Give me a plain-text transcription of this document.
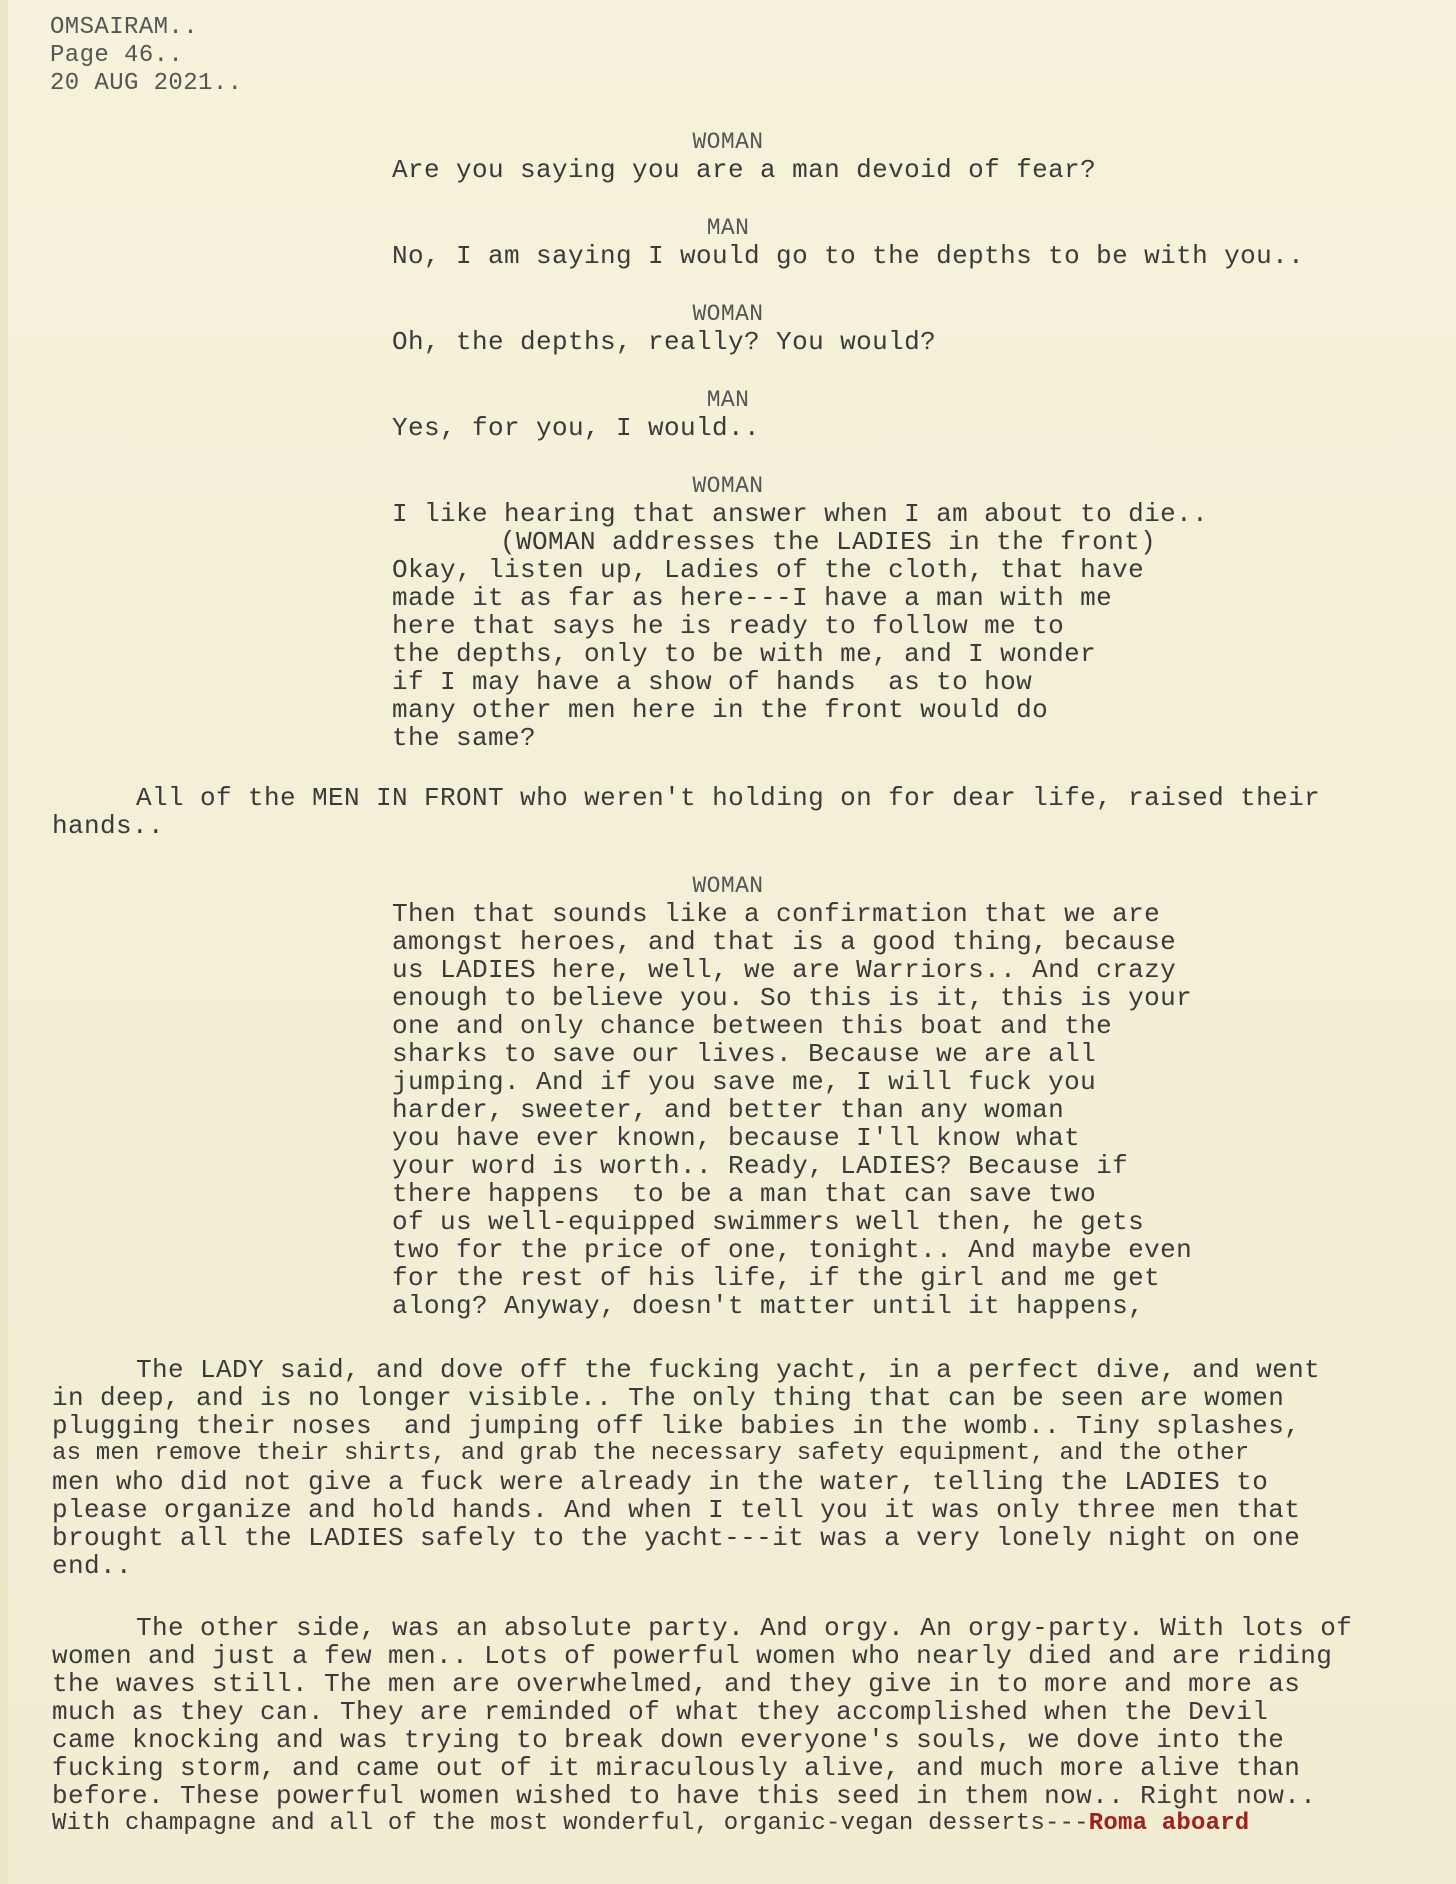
OMSAIRAM..
Page 46..
20 AUG 2021..
WOMAN
Are you saying you are a man devoid of fear?
MAN
No, I am saying I would go to the depths to be with you..
WOMAN
Oh, the depths, really? You would?
MAN
Yes, for you, I would..
WOMAN
I like hearing that answer when I am about to die..
(WOMAN addresses the LADIES in the front)
Okay, listen up, Ladies of the cloth, that have
made it as far as here---I have a man with me
here that says he is ready to follow me to
the depths, only to be with me, and I wonder
if I may have a show of hands  as to how
many other men here in the front would do
the same?
All of the MEN IN FRONT who weren't holding on for dear life, raised their
hands..
WOMAN
Then that sounds like a confirmation that we are
amongst heroes, and that is a good thing, because
us LADIES here, well, we are Warriors.. And crazy
enough to believe you. So this is it, this is your
one and only chance between this boat and the
sharks to save our lives. Because we are all
jumping. And if you save me, I will fuck you
harder, sweeter, and better than any woman
you have ever known, because I'll know what
your word is worth.. Ready, LADIES? Because if
there happens  to be a man that can save two
of us well-equipped swimmers well then, he gets
two for the price of one, tonight.. And maybe even
for the rest of his life, if the girl and me get
along? Anyway, doesn't matter until it happens,
The LADY said, and dove off the fucking yacht, in a perfect dive, and went
in deep, and is no longer visible.. The only thing that can be seen are women
plugging their noses  and jumping off like babies in the womb.. Tiny splashes,
as men remove their shirts, and grab the necessary safety equipment, and the other
men who did not give a fuck were already in the water, telling the LADIES to
please organize and hold hands. And when I tell you it was only three men that
brought all the LADIES safely to the yacht---it was a very lonely night on one
end..
The other side, was an absolute party. And orgy. An orgy-party. With lots of
women and just a few men.. Lots of powerful women who nearly died and are riding
the waves still. The men are overwhelmed, and they give in to more and more as
much as they can. They are reminded of what they accomplished when the Devil
came knocking and was trying to break down everyone's souls, we dove into the
fucking storm, and came out of it miraculously alive, and much more alive than
before. These powerful women wished to have this seed in them now.. Right now..
With champagne and all of the most wonderful, organic-vegan desserts---Roma aboard
